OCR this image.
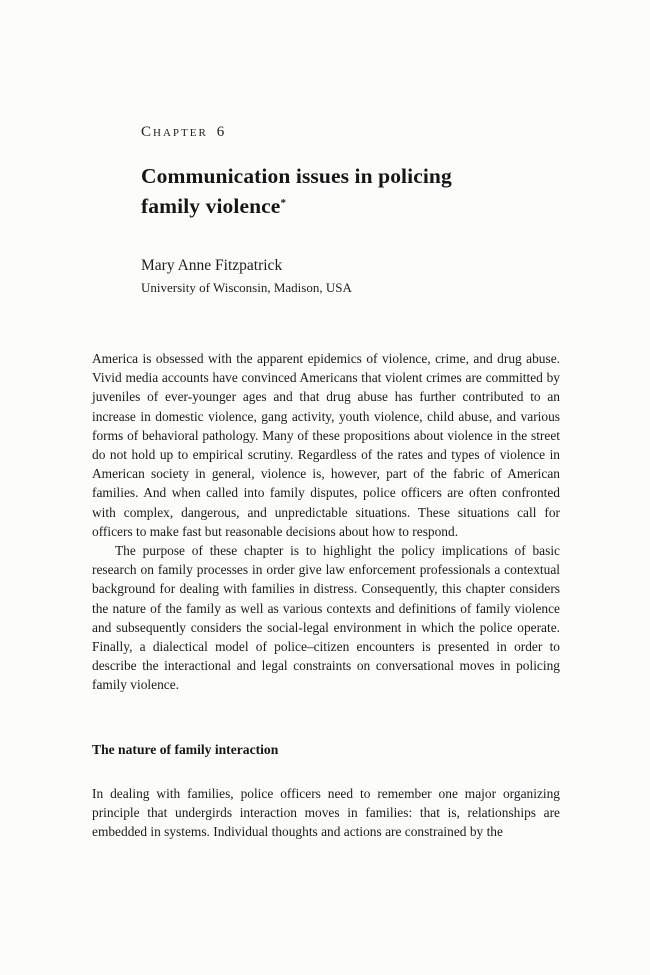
Chapter 6
Communication issues in policing
family violence*
Mary Anne Fitzpatrick
University of Wisconsin, Madison, USA

America is obsessed with the apparent epidemics of violence, crime, and drug abuse. Vivid media accounts have convinced Americans that violent crimes are committed by juveniles of ever-younger ages and that drug abuse has further contributed to an increase in domestic violence, gang activity, youth violence, child abuse, and various forms of behavioral pathology. Many of these propositions about violence in the street do not hold up to empirical scrutiny. Regardless of the rates and types of violence in American society in general, violence is, however, part of the fabric of American families. And when called into family disputes, police officers are often confronted with complex, dangerous, and unpredictable situations. These situations call for officers to make fast but reasonable decisions about how to respond.

The purpose of these chapter is to highlight the policy implications of basic research on family processes in order give law enforcement professionals a contextual background for dealing with families in distress. Consequently, this chapter considers the nature of the family as well as various contexts and definitions of family violence and subsequently considers the social-legal environment in which the police operate. Finally, a dialectical model of police–citizen encounters is presented in order to describe the interactional and legal constraints on conversational moves in policing family violence.

The nature of family interaction

In dealing with families, police officers need to remember one major organizing principle that undergirds interaction moves in families: that is, relationships are embedded in systems. Individual thoughts and actions are constrained by the
